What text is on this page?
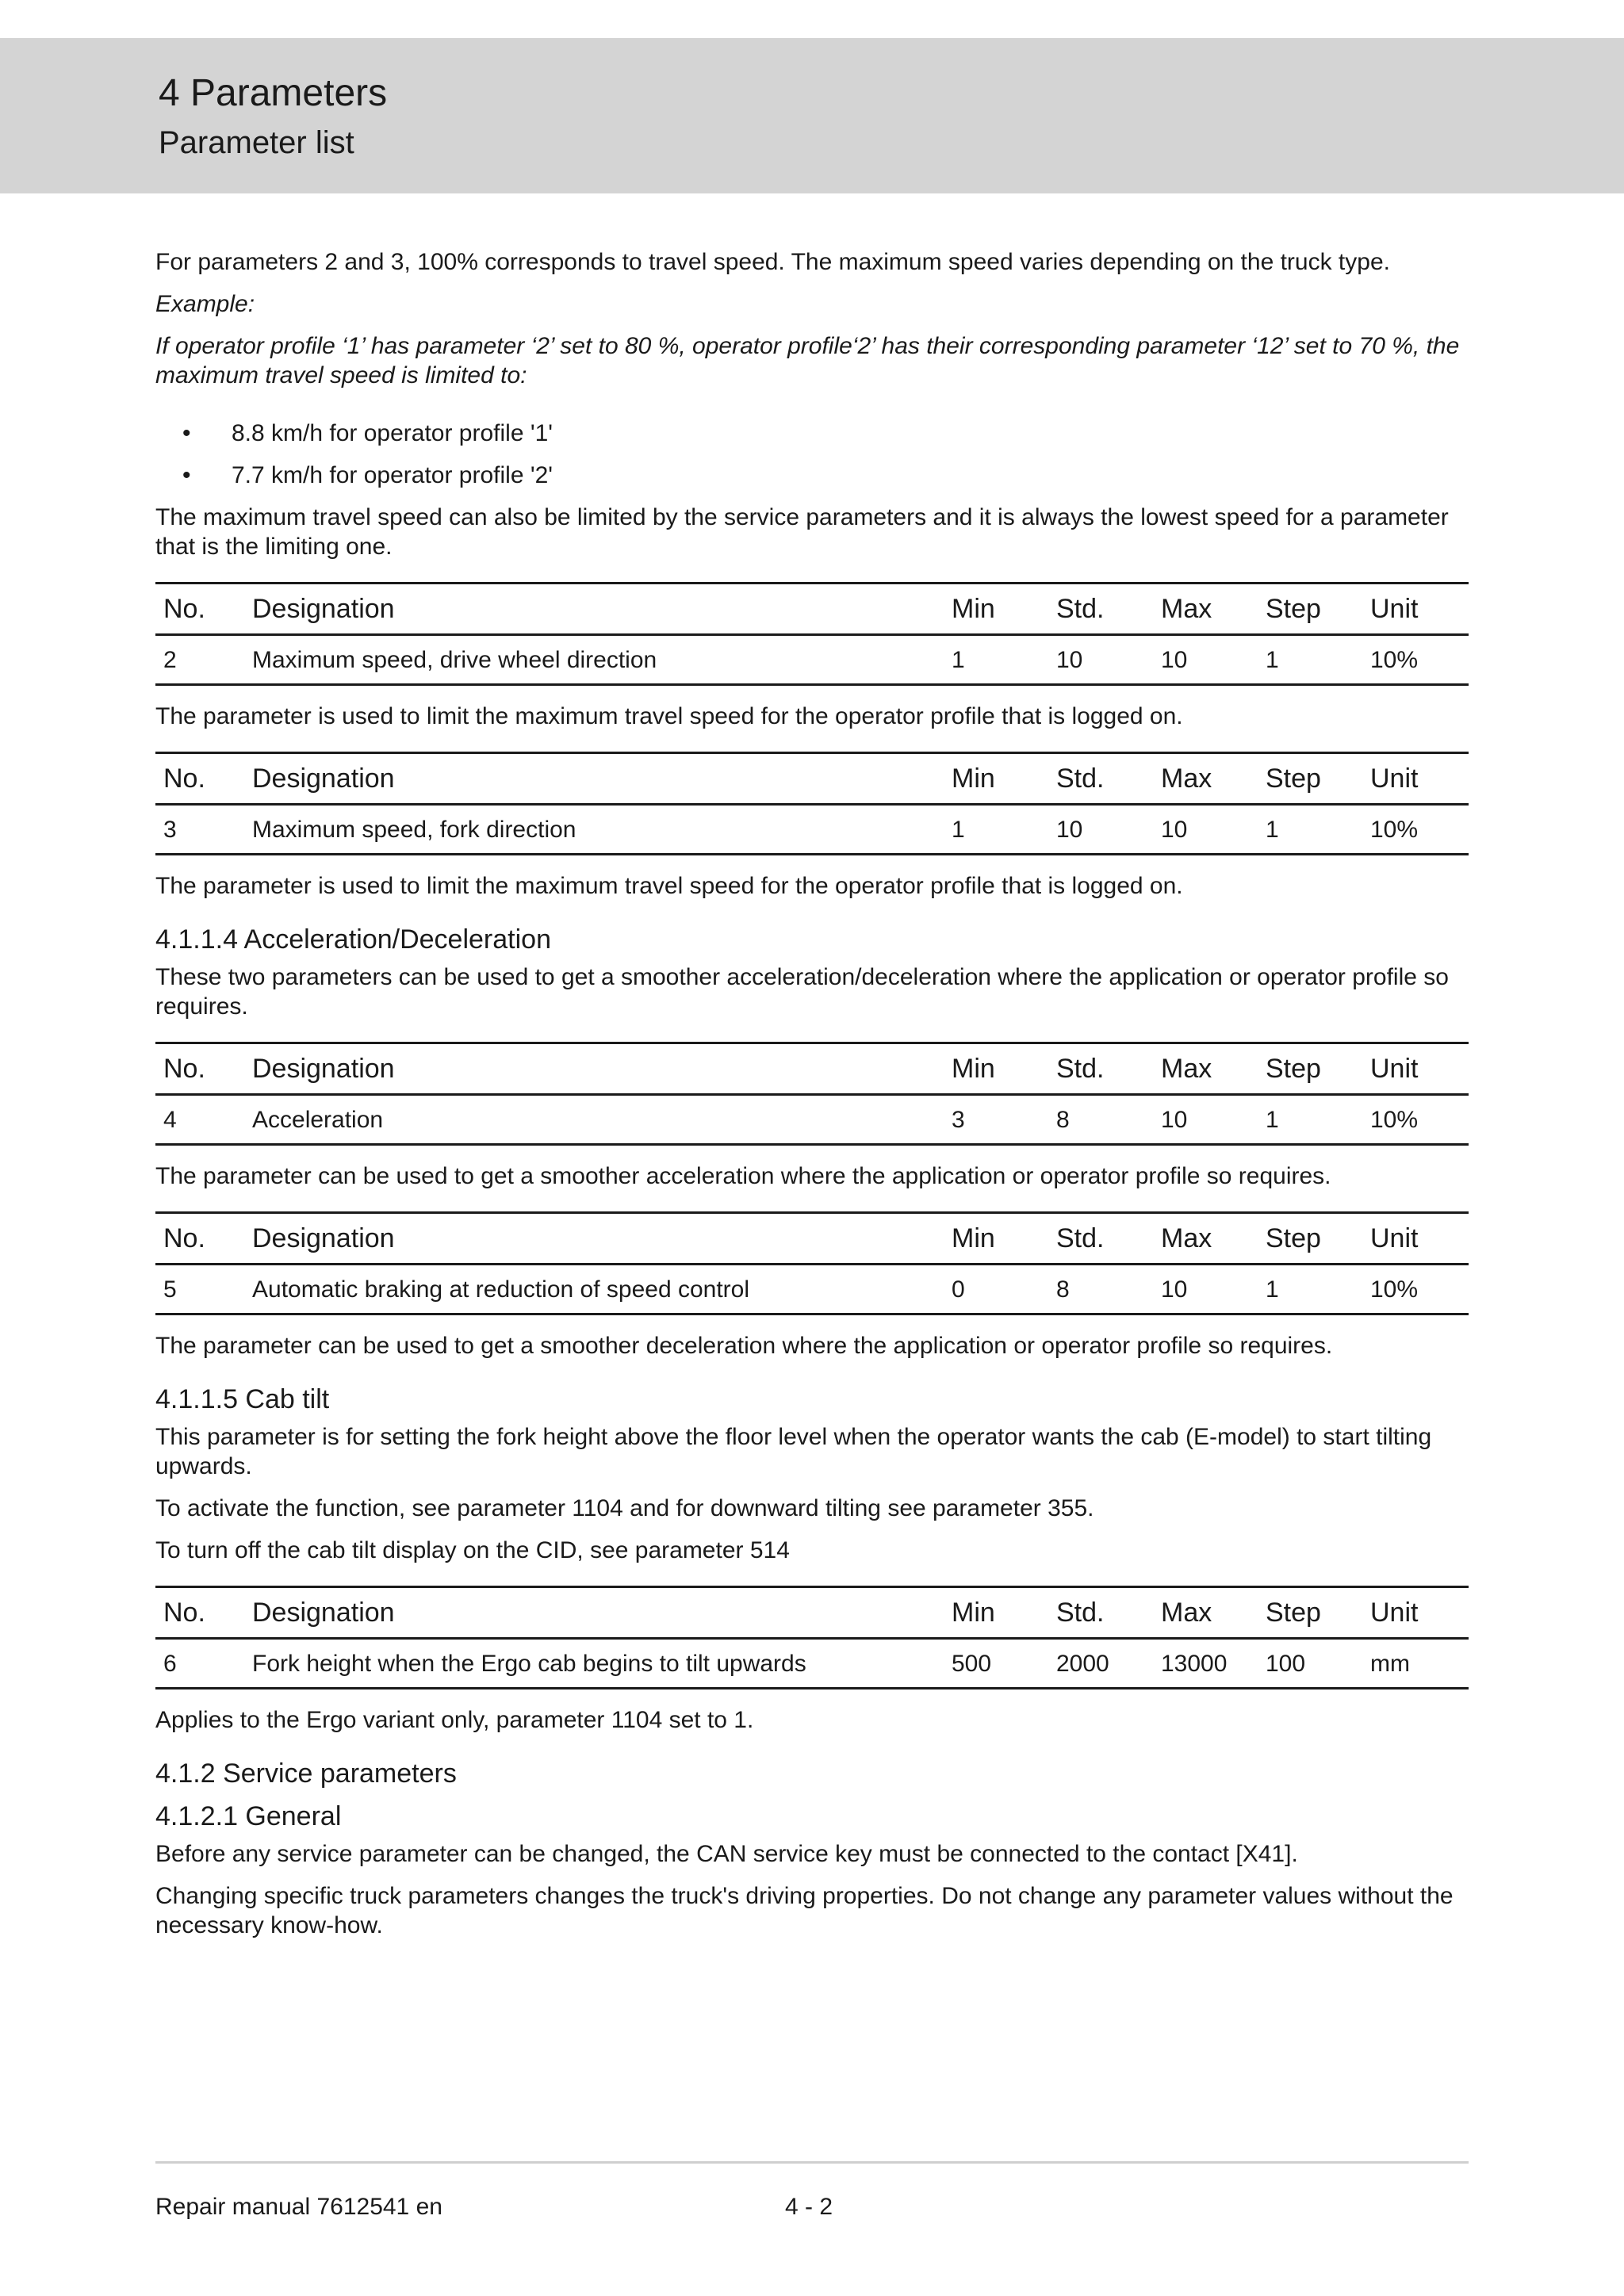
4 Parameters
Parameter list

For parameters 2 and 3, 100% corresponds to travel speed. The maximum speed varies depending on the truck type.

Example:

If operator profile ‘1’ has parameter ‘2’ set to 80 %, operator profile‘2’ has their corresponding parameter ‘12’ set to 70 %, the maximum travel speed is limited to:

• 8.8 km/h for operator profile '1'
• 7.7 km/h for operator profile '2'

The maximum travel speed can also be limited by the service parameters and it is always the lowest speed for a parameter that is the limiting one.

No.	Designation	Min	Std.	Max	Step	Unit
2	Maximum speed, drive wheel direction	1	10	10	1	10%

The parameter is used to limit the maximum travel speed for the operator profile that is logged on.

No.	Designation	Min	Std.	Max	Step	Unit
3	Maximum speed, fork direction	1	10	10	1	10%

The parameter is used to limit the maximum travel speed for the operator profile that is logged on.

4.1.1.4 Acceleration/Deceleration

These two parameters can be used to get a smoother acceleration/deceleration where the application or operator profile so requires.

No.	Designation	Min	Std.	Max	Step	Unit
4	Acceleration	3	8	10	1	10%

The parameter can be used to get a smoother acceleration where the application or operator profile so requires.

No.	Designation	Min	Std.	Max	Step	Unit
5	Automatic braking at reduction of speed control	0	8	10	1	10%

The parameter can be used to get a smoother deceleration where the application or operator profile so requires.

4.1.1.5 Cab tilt

This parameter is for setting the fork height above the floor level when the operator wants the cab (E-model) to start tilting upwards.

To activate the function, see parameter 1104 and for downward tilting see parameter 355.

To turn off the cab tilt display on the CID, see parameter 514

No.	Designation	Min	Std.	Max	Step	Unit
6	Fork height when the Ergo cab begins to tilt upwards	500	2000	13000	100	mm

Applies to the Ergo variant only, parameter 1104 set to 1.

4.1.2 Service parameters
4.1.2.1 General

Before any service parameter can be changed, the CAN service key must be connected to the contact [X41].

Changing specific truck parameters changes the truck's driving properties. Do not change any parameter values without the necessary know-how.

Repair manual 7612541 en	4 - 2
